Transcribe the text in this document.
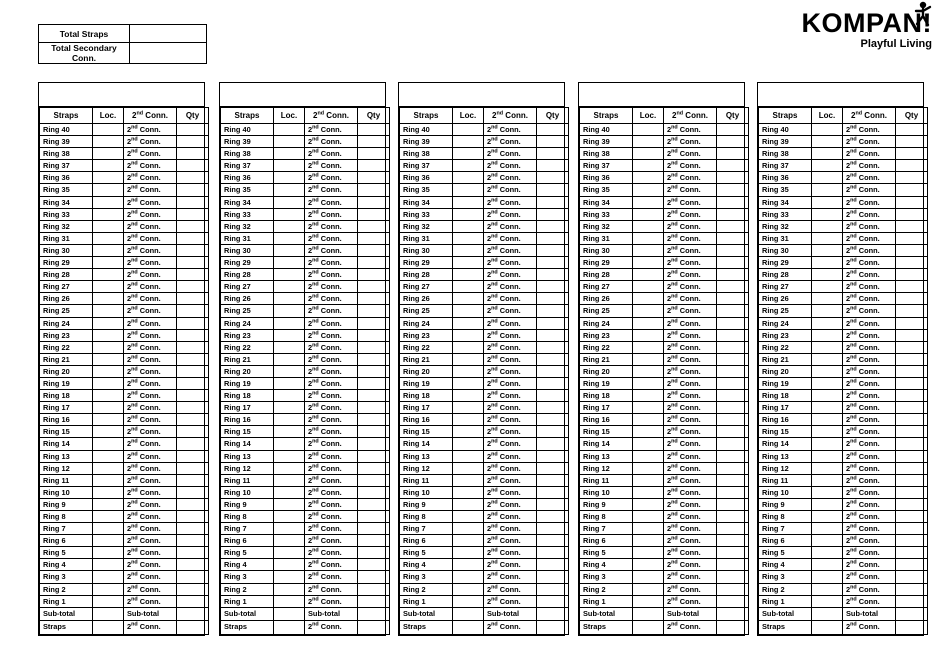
KOMPAN!
Playful Living
Total Straps	
Total Secondary Conn.	
Straps	Loc.	2nd Conn.	Qty
Ring 40		2nd Conn.	
Ring 39		2nd Conn.	
Ring 38		2nd Conn.	
Ring 37		2nd Conn.	
Ring 36		2nd Conn.	
Ring 35		2nd Conn.	
Ring 34		2nd Conn.	
Ring 33		2nd Conn.	
Ring 32		2nd Conn.	
Ring 31		2nd Conn.	
Ring 30		2nd Conn.	
Ring 29		2nd Conn.	
Ring 28		2nd Conn.	
Ring 27		2nd Conn.	
Ring 26		2nd Conn.	
Ring 25		2nd Conn.	
Ring 24		2nd Conn.	
Ring 23		2nd Conn.	
Ring 22		2nd Conn.	
Ring 21		2nd Conn.	
Ring 20		2nd Conn.	
Ring 19		2nd Conn.	
Ring 18		2nd Conn.	
Ring 17		2nd Conn.	
Ring 16		2nd Conn.	
Ring 15		2nd Conn.	
Ring 14		2nd Conn.	
Ring 13		2nd Conn.	
Ring 12		2nd Conn.	
Ring 11		2nd Conn.	
Ring 10		2nd Conn.	
Ring 9		2nd Conn.	
Ring 8		2nd Conn.	
Ring 7		2nd Conn.	
Ring 6		2nd Conn.	
Ring 5		2nd Conn.	
Ring 4		2nd Conn.	
Ring 3		2nd Conn.	
Ring 2		2nd Conn.	
Ring 1		2nd Conn.	
Sub-total		Sub-total	
Straps		2nd Conn.	
Straps	Loc.	2nd Conn.	Qty
Ring 40		2nd Conn.	
Ring 39		2nd Conn.	
Ring 38		2nd Conn.	
Ring 37		2nd Conn.	
Ring 36		2nd Conn.	
Ring 35		2nd Conn.	
Ring 34		2nd Conn.	
Ring 33		2nd Conn.	
Ring 32		2nd Conn.	
Ring 31		2nd Conn.	
Ring 30		2nd Conn.	
Ring 29		2nd Conn.	
Ring 28		2nd Conn.	
Ring 27		2nd Conn.	
Ring 26		2nd Conn.	
Ring 25		2nd Conn.	
Ring 24		2nd Conn.	
Ring 23		2nd Conn.	
Ring 22		2nd Conn.	
Ring 21		2nd Conn.	
Ring 20		2nd Conn.	
Ring 19		2nd Conn.	
Ring 18		2nd Conn.	
Ring 17		2nd Conn.	
Ring 16		2nd Conn.	
Ring 15		2nd Conn.	
Ring 14		2nd Conn.	
Ring 13		2nd Conn.	
Ring 12		2nd Conn.	
Ring 11		2nd Conn.	
Ring 10		2nd Conn.	
Ring 9		2nd Conn.	
Ring 8		2nd Conn.	
Ring 7		2nd Conn.	
Ring 6		2nd Conn.	
Ring 5		2nd Conn.	
Ring 4		2nd Conn.	
Ring 3		2nd Conn.	
Ring 2		2nd Conn.	
Ring 1		2nd Conn.	
Sub-total		Sub-total	
Straps		2nd Conn.	
Straps	Loc.	2nd Conn.	Qty
Ring 40		2nd Conn.	
Ring 39		2nd Conn.	
Ring 38		2nd Conn.	
Ring 37		2nd Conn.	
Ring 36		2nd Conn.	
Ring 35		2nd Conn.	
Ring 34		2nd Conn.	
Ring 33		2nd Conn.	
Ring 32		2nd Conn.	
Ring 31		2nd Conn.	
Ring 30		2nd Conn.	
Ring 29		2nd Conn.	
Ring 28		2nd Conn.	
Ring 27		2nd Conn.	
Ring 26		2nd Conn.	
Ring 25		2nd Conn.	
Ring 24		2nd Conn.	
Ring 23		2nd Conn.	
Ring 22		2nd Conn.	
Ring 21		2nd Conn.	
Ring 20		2nd Conn.	
Ring 19		2nd Conn.	
Ring 18		2nd Conn.	
Ring 17		2nd Conn.	
Ring 16		2nd Conn.	
Ring 15		2nd Conn.	
Ring 14		2nd Conn.	
Ring 13		2nd Conn.	
Ring 12		2nd Conn.	
Ring 11		2nd Conn.	
Ring 10		2nd Conn.	
Ring 9		2nd Conn.	
Ring 8		2nd Conn.	
Ring 7		2nd Conn.	
Ring 6		2nd Conn.	
Ring 5		2nd Conn.	
Ring 4		2nd Conn.	
Ring 3		2nd Conn.	
Ring 2		2nd Conn.	
Ring 1		2nd Conn.	
Sub-total		Sub-total	
Straps		2nd Conn.	
Straps	Loc.	2nd Conn.	Qty
Ring 40		2nd Conn.	
Ring 39		2nd Conn.	
Ring 38		2nd Conn.	
Ring 37		2nd Conn.	
Ring 36		2nd Conn.	
Ring 35		2nd Conn.	
Ring 34		2nd Conn.	
Ring 33		2nd Conn.	
Ring 32		2nd Conn.	
Ring 31		2nd Conn.	
Ring 30		2nd Conn.	
Ring 29		2nd Conn.	
Ring 28		2nd Conn.	
Ring 27		2nd Conn.	
Ring 26		2nd Conn.	
Ring 25		2nd Conn.	
Ring 24		2nd Conn.	
Ring 23		2nd Conn.	
Ring 22		2nd Conn.	
Ring 21		2nd Conn.	
Ring 20		2nd Conn.	
Ring 19		2nd Conn.	
Ring 18		2nd Conn.	
Ring 17		2nd Conn.	
Ring 16		2nd Conn.	
Ring 15		2nd Conn.	
Ring 14		2nd Conn.	
Ring 13		2nd Conn.	
Ring 12		2nd Conn.	
Ring 11		2nd Conn.	
Ring 10		2nd Conn.	
Ring 9		2nd Conn.	
Ring 8		2nd Conn.	
Ring 7		2nd Conn.	
Ring 6		2nd Conn.	
Ring 5		2nd Conn.	
Ring 4		2nd Conn.	
Ring 3		2nd Conn.	
Ring 2		2nd Conn.	
Ring 1		2nd Conn.	
Sub-total		Sub-total	
Straps		2nd Conn.	
Straps	Loc.	2nd Conn.	Qty
Ring 40		2nd Conn.	
Ring 39		2nd Conn.	
Ring 38		2nd Conn.	
Ring 37		2nd Conn.	
Ring 36		2nd Conn.	
Ring 35		2nd Conn.	
Ring 34		2nd Conn.	
Ring 33		2nd Conn.	
Ring 32		2nd Conn.	
Ring 31		2nd Conn.	
Ring 30		2nd Conn.	
Ring 29		2nd Conn.	
Ring 28		2nd Conn.	
Ring 27		2nd Conn.	
Ring 26		2nd Conn.	
Ring 25		2nd Conn.	
Ring 24		2nd Conn.	
Ring 23		2nd Conn.	
Ring 22		2nd Conn.	
Ring 21		2nd Conn.	
Ring 20		2nd Conn.	
Ring 19		2nd Conn.	
Ring 18		2nd Conn.	
Ring 17		2nd Conn.	
Ring 16		2nd Conn.	
Ring 15		2nd Conn.	
Ring 14		2nd Conn.	
Ring 13		2nd Conn.	
Ring 12		2nd Conn.	
Ring 11		2nd Conn.	
Ring 10		2nd Conn.	
Ring 9		2nd Conn.	
Ring 8		2nd Conn.	
Ring 7		2nd Conn.	
Ring 6		2nd Conn.	
Ring 5		2nd Conn.	
Ring 4		2nd Conn.	
Ring 3		2nd Conn.	
Ring 2		2nd Conn.	
Ring 1		2nd Conn.	
Sub-total		Sub-total	
Straps		2nd Conn.	
